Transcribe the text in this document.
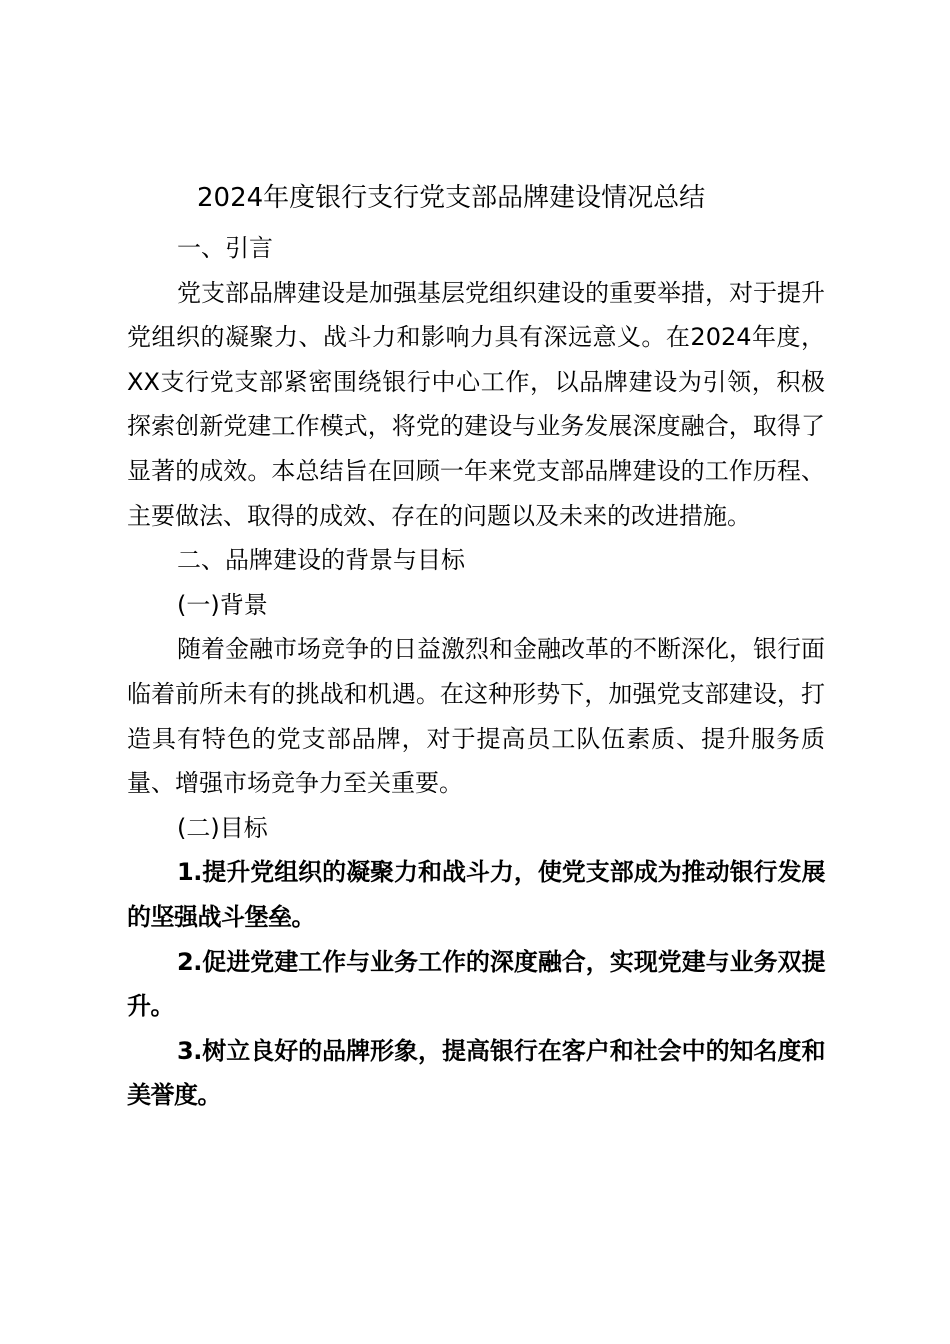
2024年度银行支行党支部品牌建设情况总结

一、引言

党支部品牌建设是加强基层党组织建设的重要举措，对于提升党组织的凝聚力、战斗力和影响力具有深远意义。在2024年度，XX支行党支部紧密围绕银行中心工作，以品牌建设为引领，积极探索创新党建工作模式，将党的建设与业务发展深度融合，取得了显著的成效。本总结旨在回顾一年来党支部品牌建设的工作历程、主要做法、取得的成效、存在的问题以及未来的改进措施。

二、品牌建设的背景与目标

(一)背景

随着金融市场竞争的日益激烈和金融改革的不断深化，银行面临着前所未有的挑战和机遇。在这种形势下，加强党支部建设，打造具有特色的党支部品牌，对于提高员工队伍素质、提升服务质量、增强市场竞争力至关重要。

(二)目标

1.提升党组织的凝聚力和战斗力，使党支部成为推动银行发展的坚强战斗堡垒。

2.促进党建工作与业务工作的深度融合，实现党建与业务双提升。

3.树立良好的品牌形象，提高银行在客户和社会中的知名度和美誉度。
